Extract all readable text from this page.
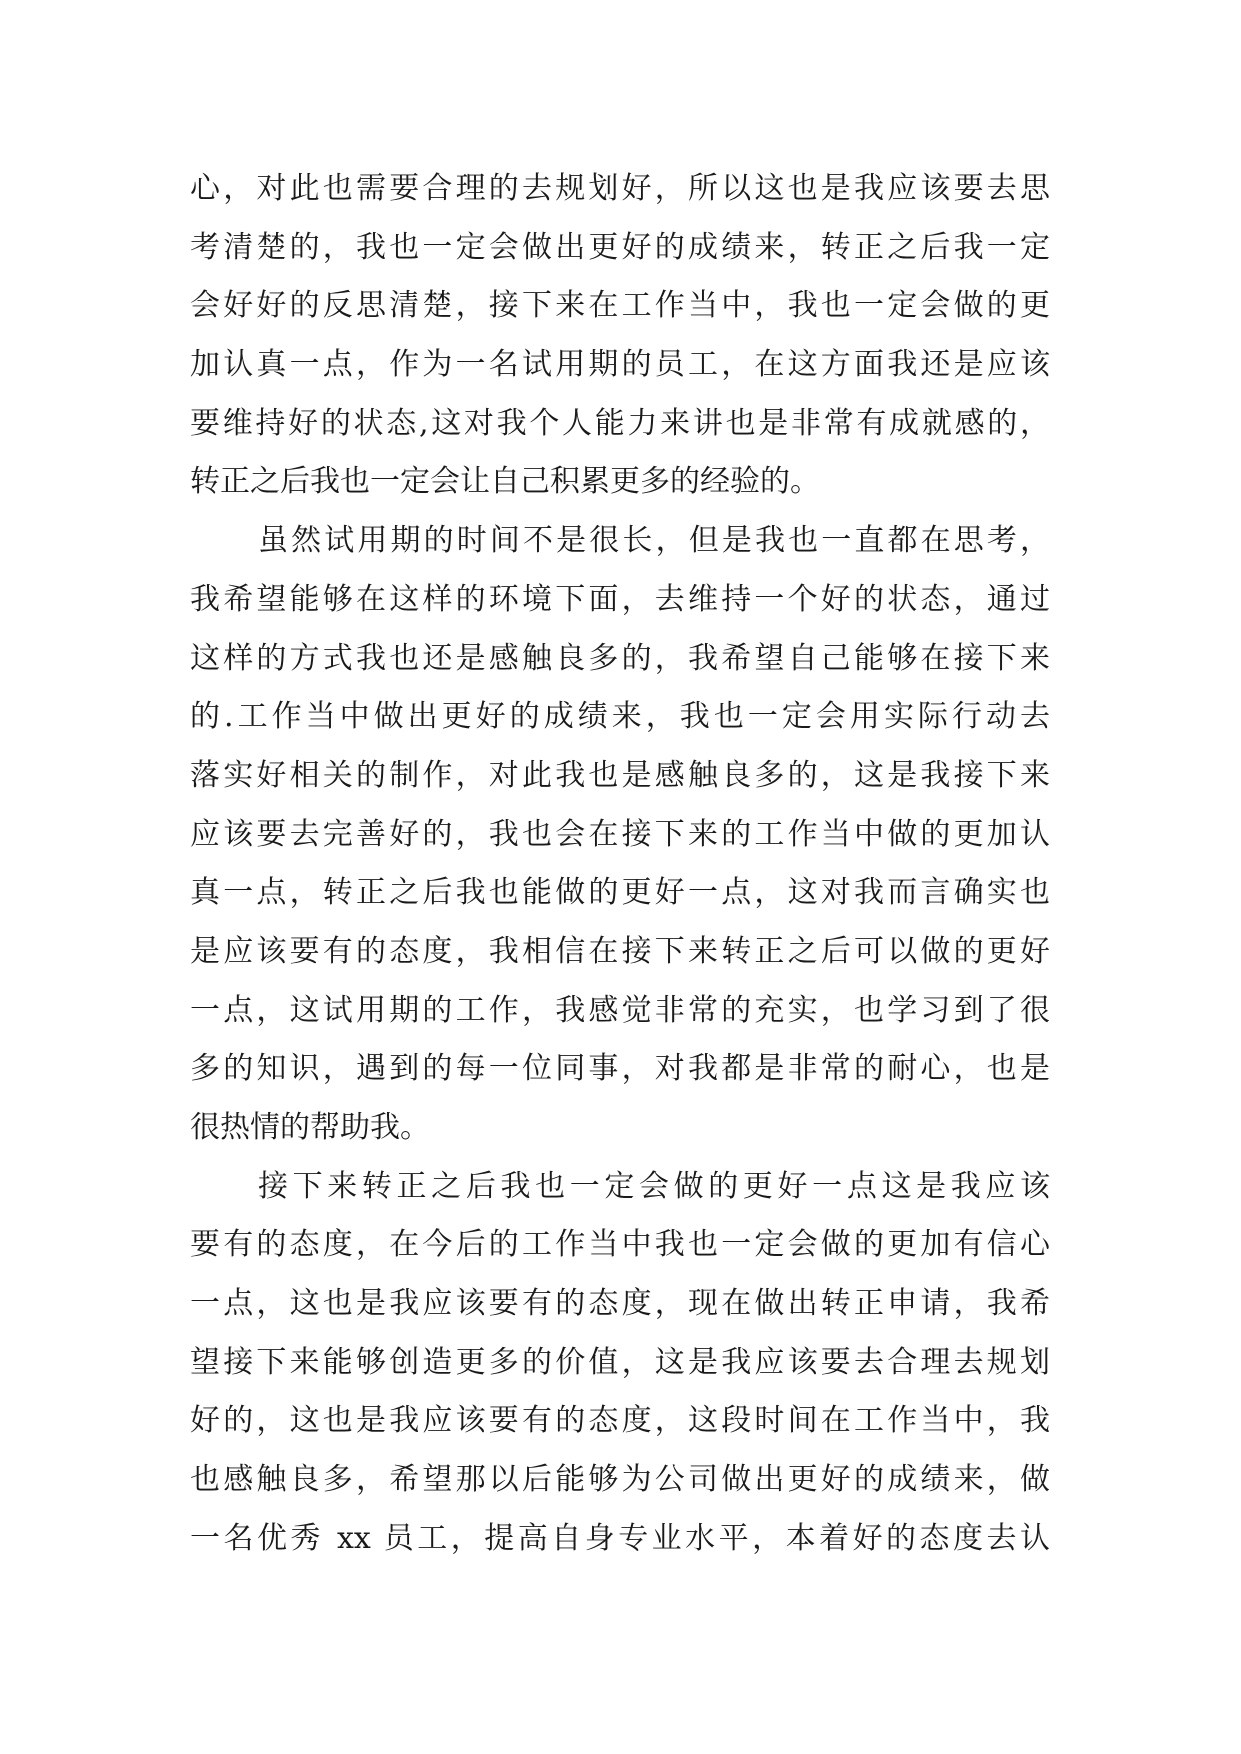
心，对此也需要合理的去规划好，所以这也是我应该要去思
考清楚的，我也一定会做出更好的成绩来，转正之后我一定
会好好的反思清楚，接下来在工作当中，我也一定会做的更
加认真一点，作为一名试用期的员工，在这方面我还是应该
要维持好的状态,这对我个人能力来讲也是非常有成就感的，
转正之后我也一定会让自己积累更多的经验的。
虽然试用期的时间不是很长，但是我也一直都在思考，
我希望能够在这样的环境下面，去维持一个好的状态，通过
这样的方式我也还是感触良多的，我希望自己能够在接下来
的.工作当中做出更好的成绩来，我也一定会用实际行动去
落实好相关的制作，对此我也是感触良多的，这是我接下来
应该要去完善好的，我也会在接下来的工作当中做的更加认
真一点，转正之后我也能做的更好一点，这对我而言确实也
是应该要有的态度，我相信在接下来转正之后可以做的更好
一点，这试用期的工作，我感觉非常的充实，也学习到了很
多的知识，遇到的每一位同事，对我都是非常的耐心，也是
很热情的帮助我。
接下来转正之后我也一定会做的更好一点这是我应该
要有的态度，在今后的工作当中我也一定会做的更加有信心
一点，这也是我应该要有的态度，现在做出转正申请，我希
望接下来能够创造更多的价值，这是我应该要去合理去规划
好的，这也是我应该要有的态度，这段时间在工作当中，我
也感触良多，希望那以后能够为公司做出更好的成绩来，做
一名优秀 xx 员工，提高自身专业水平，本着好的态度去认
